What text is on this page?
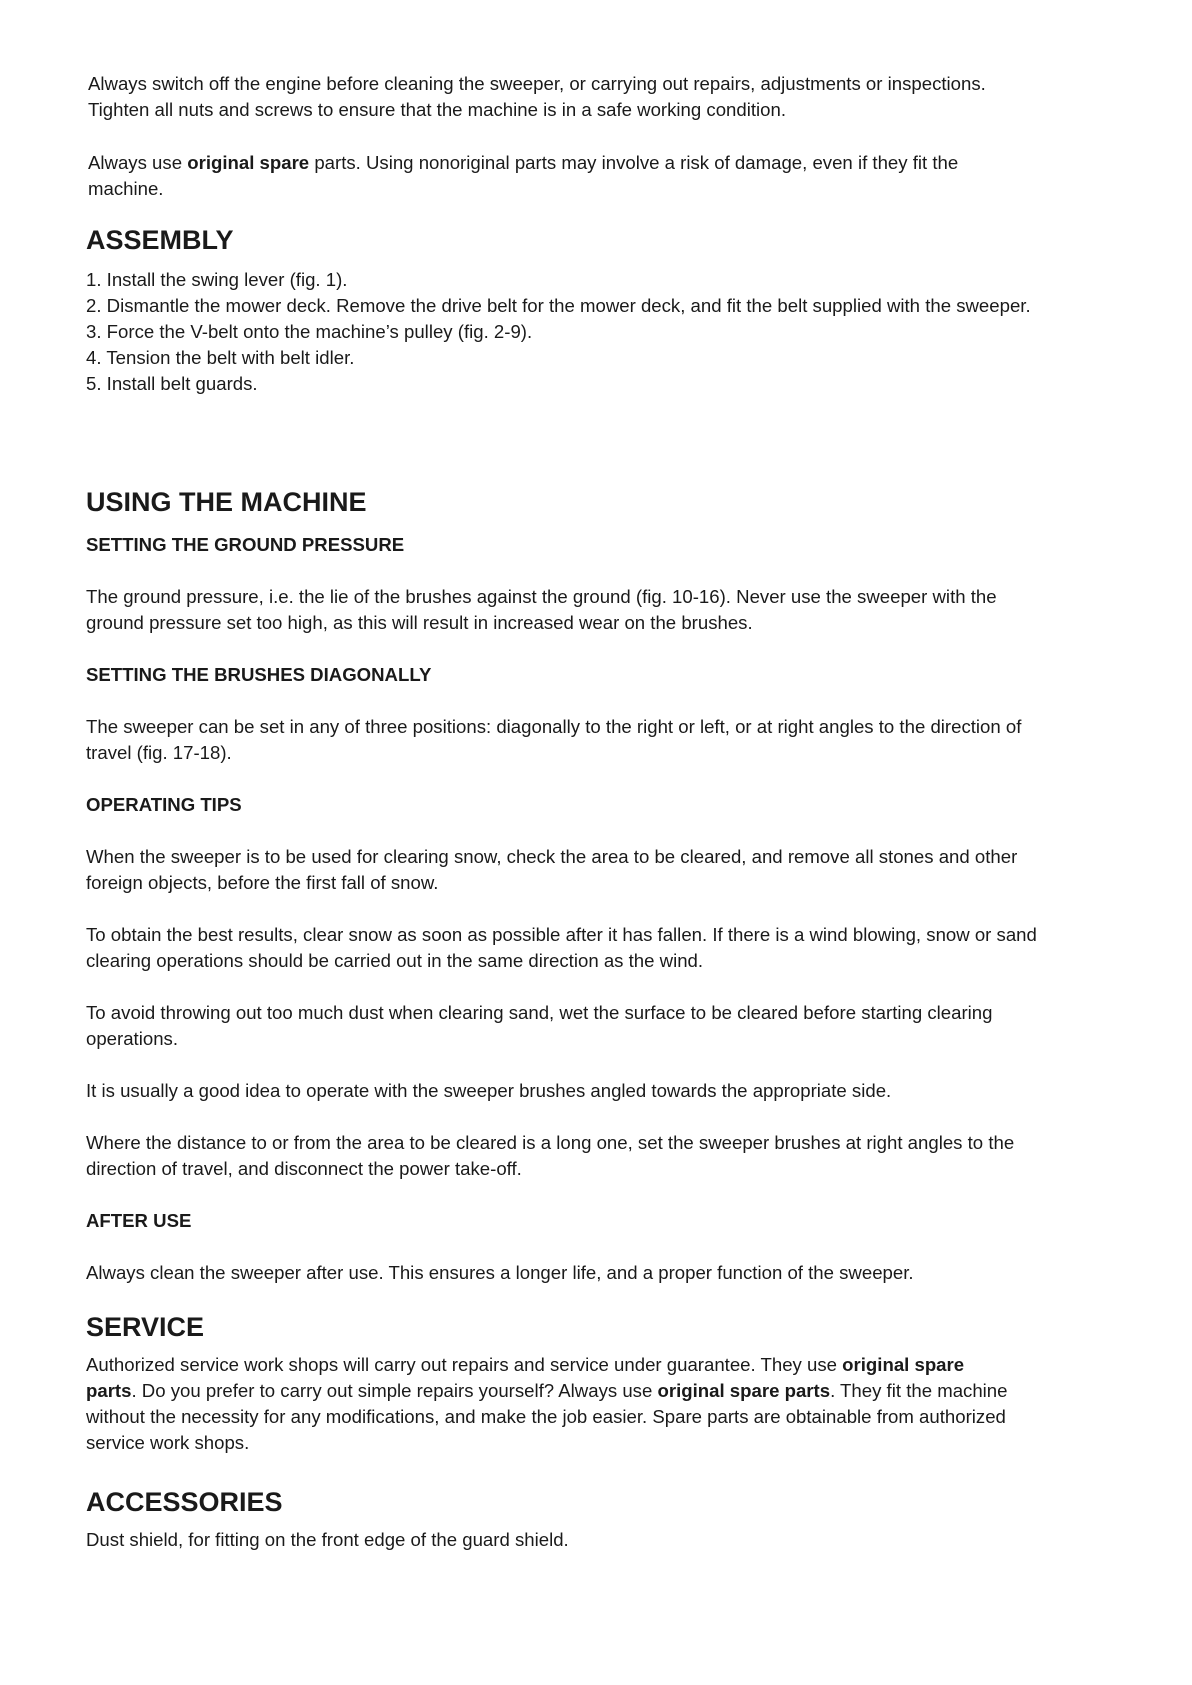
Always switch off the engine before cleaning the sweeper, or carrying out repairs, adjustments or inspections.

Tighten all nuts and screws to ensure that the machine is in a safe working condition.

Always use original spare parts. Using nonoriginal parts may involve a risk of damage, even if they fit the

machine.

ASSEMBLY

1. Install the swing lever (fig. 1).

2. Dismantle the mower deck. Remove the drive belt for the mower deck, and fit the belt supplied with the sweeper.

3. Force the V-belt onto the machine’s pulley (fig. 2-9).

4. Tension the belt with belt idler.

5. Install belt guards.

USING THE MACHINE
SETTING THE GROUND PRESSURE

The ground pressure, i.e. the lie of the brushes against the ground (fig. 10-16). Never use the sweeper with the

ground pressure set too high, as this will result in increased wear on the brushes.

SETTING THE BRUSHES DIAGONALLY

The sweeper can be set in any of three positions: diagonally to the right or left, or at right angles to the direction of

travel (fig. 17-18).

OPERATING TIPS

When the sweeper is to be used for clearing snow, check the area to be cleared, and remove all stones and other

foreign objects, before the first fall of snow.

To obtain the best results, clear snow as soon as possible after it has fallen. If there is a wind blowing, snow or sand

clearing operations should be carried out in the same direction as the wind.

To avoid throwing out too much dust when clearing sand, wet the surface to be cleared before starting clearing

operations.

It is usually a good idea to operate with the sweeper brushes angled towards the appropriate side.

Where the distance to or from the area to be cleared is a long one, set the sweeper brushes at right angles to the

direction of travel, and disconnect the power take-off.

AFTER USE

Always clean the sweeper after use. This ensures a longer life, and a proper function of the sweeper.

SERVICE

Authorized service work shops will carry out repairs and service under guarantee. They use original spare

parts. Do you prefer to carry out simple repairs yourself? Always use original spare parts. They fit the machine

without the necessity for any modifications, and make the job easier. Spare parts are obtainable from authorized

service work shops.

ACCESSORIES

Dust shield, for fitting on the front edge of the guard shield.
